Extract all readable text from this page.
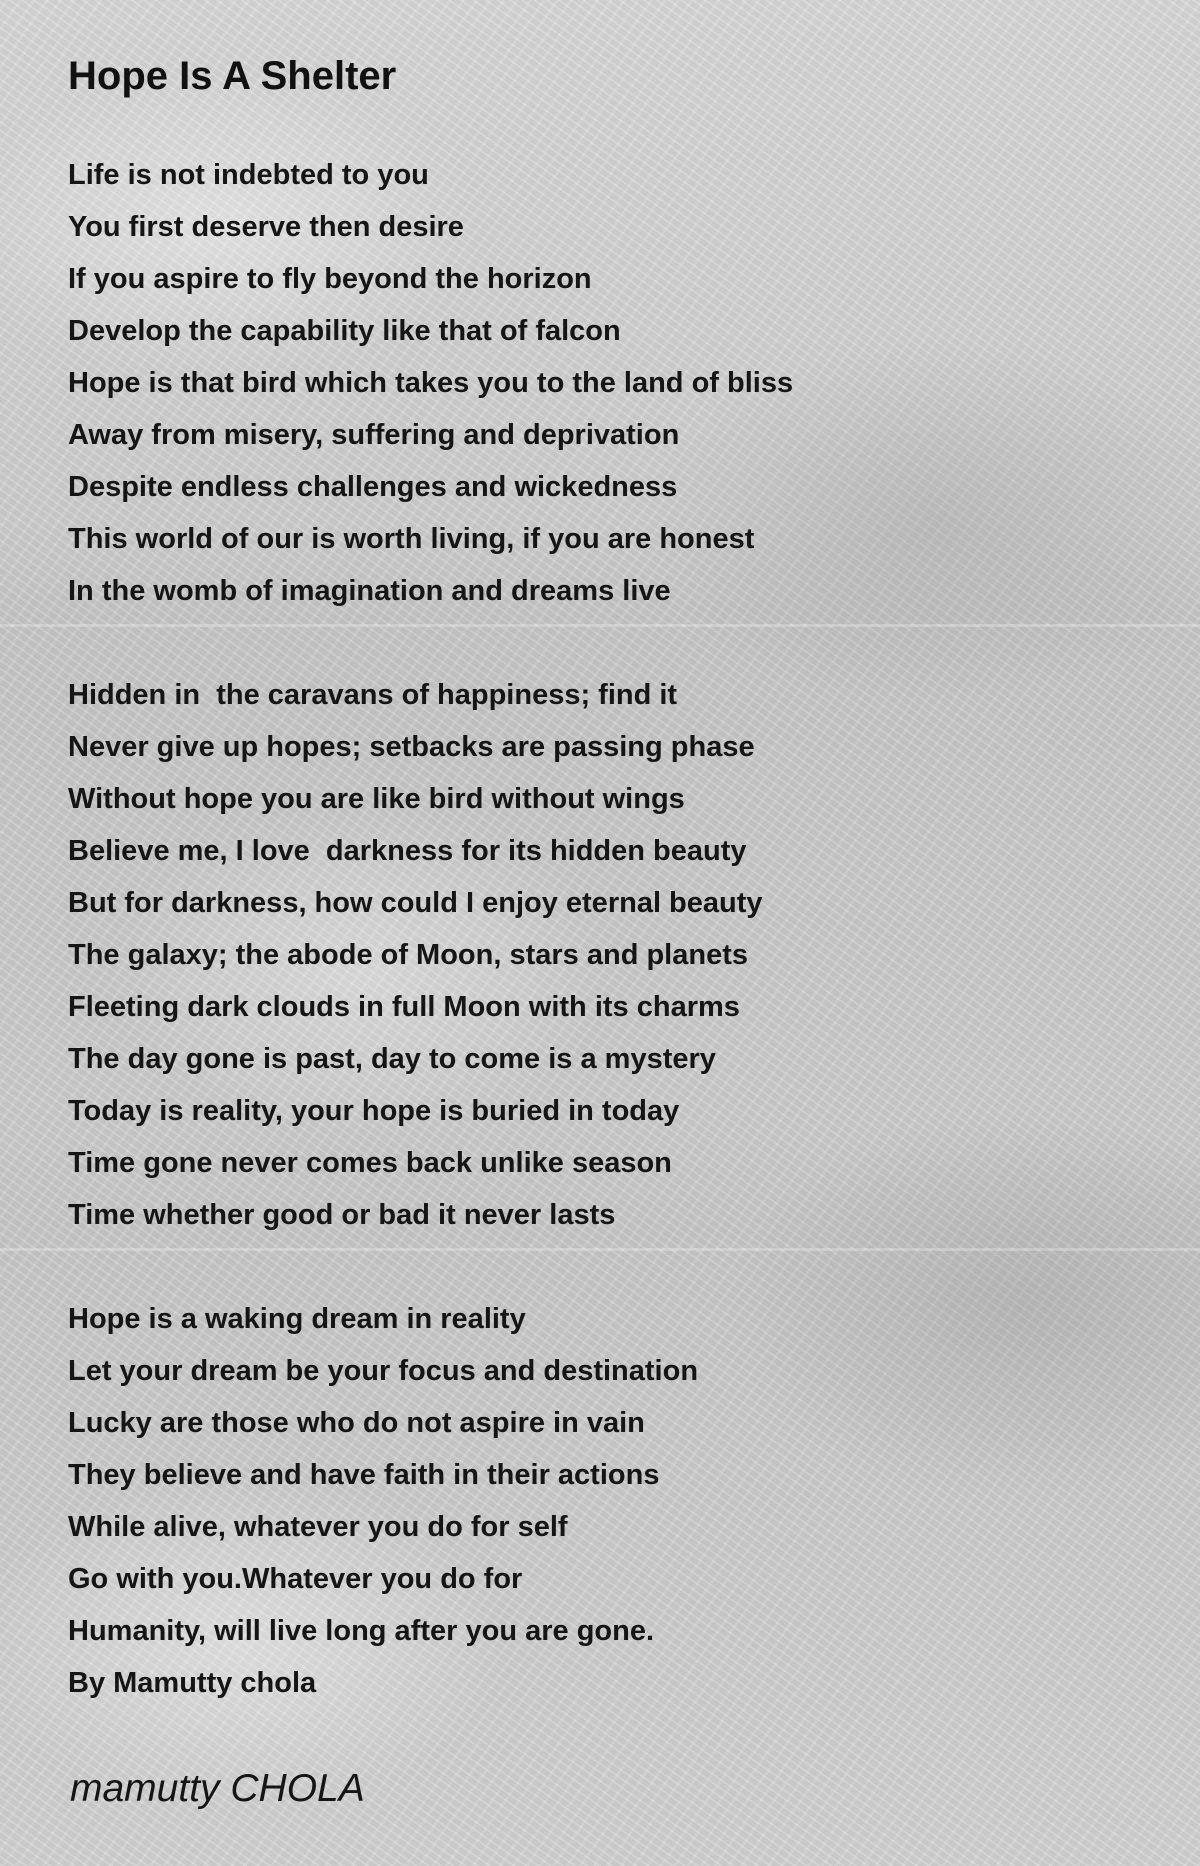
Hope Is A Shelter
Life is not indebted to you
You first deserve then desire
If you aspire to fly beyond the horizon
Develop the capability like that of falcon
Hope is that bird which takes you to the land of bliss
Away from misery, suffering and deprivation
Despite endless challenges and wickedness
This world of our is worth living, if you are honest
In the womb of imagination and dreams live
Hidden in  the caravans of happiness; find it
Never give up hopes; setbacks are passing phase
Without hope you are like bird without wings
Believe me, I love  darkness for its hidden beauty
But for darkness, how could I enjoy eternal beauty
The galaxy; the abode of Moon, stars and planets
Fleeting dark clouds in full Moon with its charms
The day gone is past, day to come is a mystery
Today is reality, your hope is buried in today
Time gone never comes back unlike season
Time whether good or bad it never lasts
Hope is a waking dream in reality
Let your dream be your focus and destination
Lucky are those who do not aspire in vain
They believe and have faith in their actions
While alive, whatever you do for self
Go with you.Whatever you do for
Humanity, will live long after you are gone.
By Mamutty chola

mamutty CHOLA
